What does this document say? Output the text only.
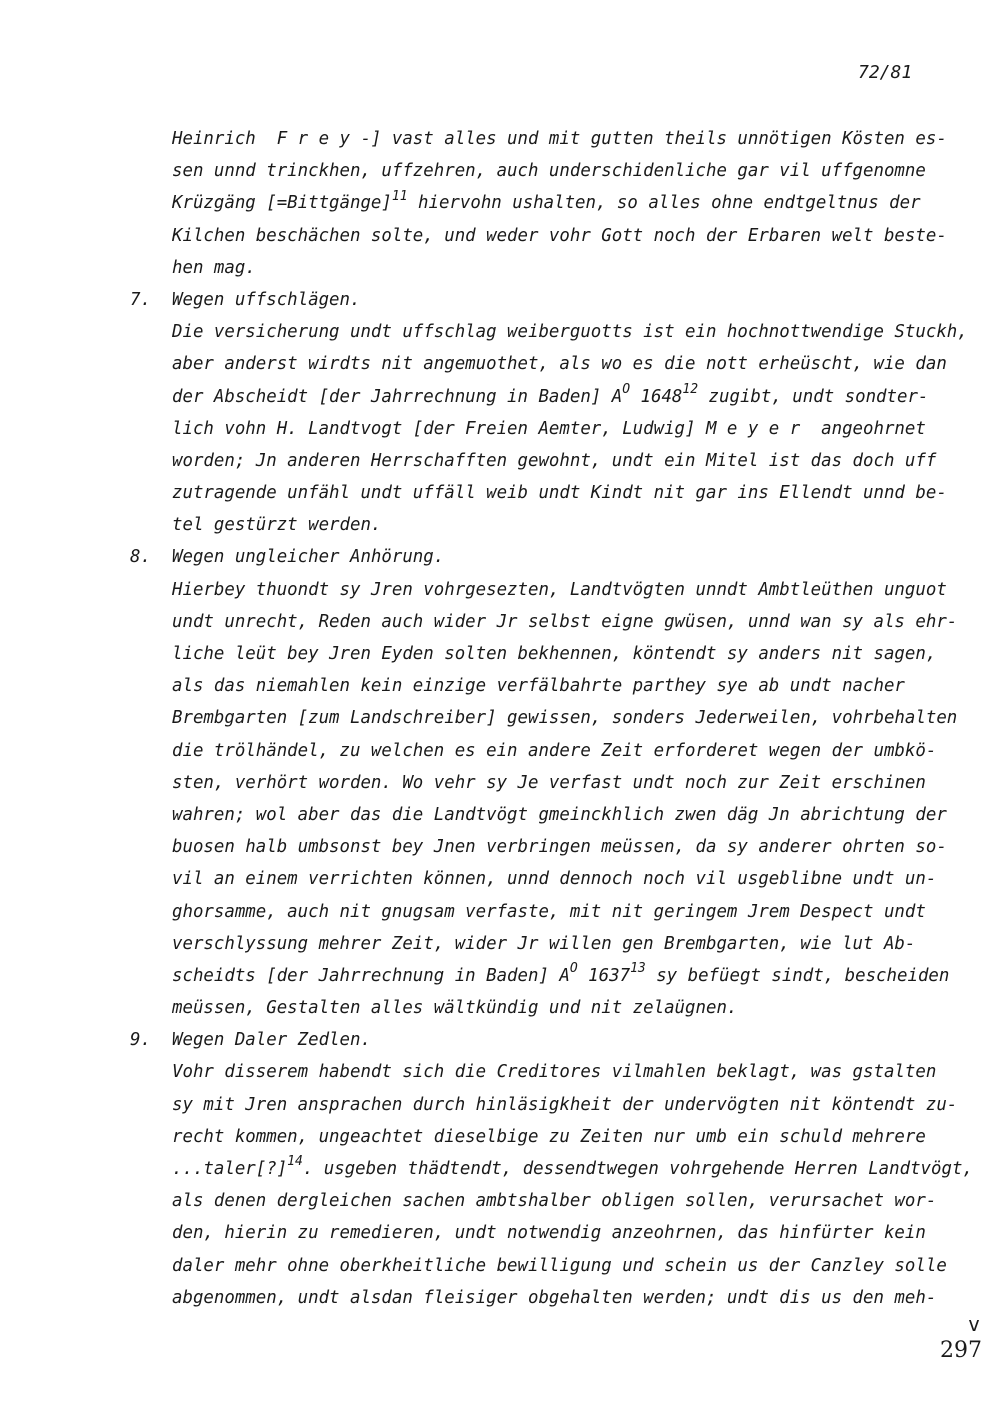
72/81
Heinrich  F r e y -] vast alles und mit gutten theils unnötigen Kösten es-
sen unnd trinckhen, uffzehren, auch underschidenliche gar vil uffgenomne
Krüzgäng [=Bittgänge]$^{11}$ hiervohn ushalten, so alles ohne endtgeltnus der
Kilchen beschächen solte, und weder vohr Gott noch der Erbaren welt beste-
hen mag.
7. Wegen uffschlägen.
Die versicherung undt uffschlag weiberguotts ist ein hochnottwendige Stuckh,
aber anderst wirdts nit angemuothet, als wo es die nott erheüscht, wie dan
der Abscheidt [der Jahrrechnung in Baden] $A^O$ 1648$^{12}$ zugibt, undt sondter-
lich vohn H. Landtvogt [der Freien Aemter, Ludwig] M e y e r  angeohrnet
worden; Jn anderen Herrschafften gewohnt, undt ein Mitel ist das doch uff
zutragende unfähl undt uffäll weib undt Kindt nit gar ins Ellendt unnd be-
tel gestürzt werden.
8. Wegen ungleicher Anhörung.
Hierbey thuondt sy Jren vohrgesezten, Landtvögten unndt Ambtleüthen unguot
undt unrecht, Reden auch wider Jr selbst eigne gwüsen, unnd wan sy als ehr-
liche leüt bey Jren Eyden solten bekhennen, köntendt sy anders nit sagen,
als das niemahlen kein einzige verfälbahrte parthey sye ab undt nacher
Brembgarten [zum Landschreiber] gewissen, sonders Jederweilen, vohrbehalten
die trölhändel, zu welchen es ein andere Zeit erforderet wegen der umbkö-
sten, verhört worden. Wo vehr sy Je verfast undt noch zur Zeit erschinen
wahren; wol aber das die Landtvögt gmeinckhlich zwen däg Jn abrichtung der
buosen halb umbsonst bey Jnen verbringen meüssen, da sy anderer ohrten so-
vil an einem verrichten können, unnd dennoch noch vil usgeblibne undt un-
ghorsamme, auch nit gnugsam verfaste, mit nit geringem Jrem Despect undt
verschlyssung mehrer Zeit, wider Jr willen gen Brembgarten, wie lut Ab-
scheidts [der Jahrrechnung in Baden] $A^O$ 1637$^{13}$ sy befüegt sindt, bescheiden
meüssen, Gestalten alles wältkündig und nit zelaügnen.
9. Wegen Daler Zedlen.
Vohr disserem habendt sich die Creditores vilmahlen beklagt, was gstalten
sy mit Jren ansprachen durch hinläsigkheit der undervögten nit köntendt zu-
recht kommen, ungeachtet dieselbige zu Zeiten nur umb ein schuld mehrere
...taler[?]$^{14}$. usgeben thädtendt, dessendtwegen vohrgehende Herren Landtvögt,
als denen dergleichen sachen ambtshalber obligen sollen, verursachet wor-
den, hierin zu remedieren, undt notwendig anzeohrnen, das hinfürter kein
daler mehr ohne oberkheitliche bewilligung und schein us der Canzley solle
abgenommen, undt alsdan fleisiger obgehalten werden; undt dis us den meh-
v
297
